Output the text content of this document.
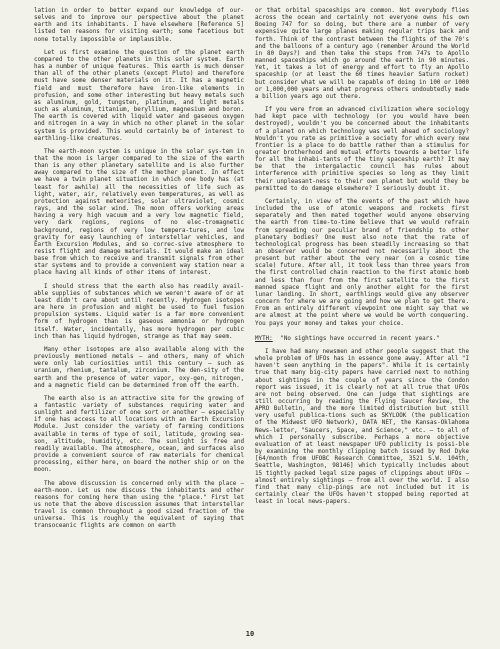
lation in order to better expand our knowledge of our-selves and to improve our perspective about the planet earth and its inhabitants. I have elsewhere [Reference 5] listed ten reasons for visiting earth; some facetious but none totally impossible or implausible.

Let us first examine the question of the planet earth compared to the other planets in this solar system. Earth has a number of unique features. This earth is much denser than all of the other planets (except Pluto) and therefore must have some denser materials on it. It has a magnetic field and must therefore have iron-like elements in profusion, and some other interesting but heavy metals such as aluminum, gold, tungsten, platinum, and light metals such as aluminum, titanium, beryllium, magnesium and boron. The earth is covered with liquid water and gaseous oxygen and nitrogen in a way in which no other planet in the solar system is provided. This would certainly be of interest to earthling-like creatures.

The earth-moon system is unique in the solar sys-tem in that the moon is larger compared to the size of the earth than is any other planetary satellite and is also further away compared to the size of the mother planet. In effect we have a twin planet situation in which one body has (at least for awhile) all the necessities of life such as light, water, air, relatively even temperatures, as well as protection against meteorites, solar ultraviolet, cosmic rays, and the solar wind. The moon offers working areas having a very high vacuum and a very low magnetic field, very dark regions, regions of no elec-tromagnetic background, regions of very low tempera-tures, and low gravity for easy launching of interstellar vehicles, and Earth Excursion Modules, and so correc-sive atmosphere to resist flight and damage materials. It would make an ideal base from which to receive and transmit signals from other star systems and to provide a convenient way station near a place having all kinds of other items of interest.

I should stress that the earth also has readily avail-able supplies of substances which we weren't aware of or at least didn't care about until recently. Hydrogen isotopes are here in profusion and might be used to fuel fusion propulsion systems. Liquid water is a far more convenient form of hydrogen than is gaseous ammonia or hydrogen itself. Water, incidentally, has more hydrogen per cubic inch than has liquid hydrogen, strange as that may seem.

Many other isotopes are also available along with the previously mentioned metals – and others, many of which were only lab curiosities until this century – such as uranium, rhenium, tantalum, zirconium. The den-sity of the earth and the presence of water vapor, oxy-gen, nitrogen, and a magnetic field can be determined from off the earth.

The earth also is an attractive site for the growing of a fantastic variety of substances requiring water and sunlight and fertilizer of one sort or another – especially if one has access to all locations with an Earth Excursion Module. Just consider the variety of farming conditions available in terms of type of soil, latitude, growing sea-son, altitude, humidity, etc. The sunlight is free and readily available. The atmosphere, ocean, and surfaces also provide a convenient source of raw materials for chemical processing, either here, on board the mother ship or on the moon.

The above discussion is concerned only with the place – earth-moon. Let us now discuss the inhabitants and other reasons for coming here than using the "place." First let us note that the above discussion assumes that interstellar travel is common throughout a good sized fraction of the universe. This is roughly the equivalent of saying that transoceanic flights are common on earth

or that orbital spaceships are common. Not everybody flies across the ocean and certainly not everyone owns his own Boeing 747 for so doing, but there are a number of very expensive quite large planes making regular trips back and forth. Think of the contrast between the flights of the 70's and the balloons of a century ago (remember Around the World in 80 Days?) and then take the steps from 747s to Apollo manned spaceships which go around the earth in 90 minutes. Yet, it takes a lot of energy and effort to fly an Apollo spaceship (or at least the 60 times heavier Saturn rocket) but consider what we will be capable of doing in 100 or 1000 or 1,000,000 years and what progress others undoubtedly made a billion years ago out there.

If you were from an advanced civilization where sociology had kept pace with technology (or you would have been destroyed), wouldn't you be concerned about the inhabitants of a planet on which technology was well ahead of sociology? Wouldn't you rate as primitive a society for which every new frontier is a place to do battle rather than a stimulus for greater brotherhood and mutual efforts towards a better life for all the inhabi-tants of the tiny spaceship earth? It may be that the intergalactic council has rules about interference with primitive species so long as they limit their unpleasant-ness to their own planet but would they be permitted to do damage elsewhere? I seriously doubt it.

Certainly, in view of the events of the past which have included the use of atomic weapons and rockets first separately and then mated together would anyone observing the earth from time-to-time believe that we would refrain from spreading our peculiar brand of friendship to other planetary bodies? One must also note that the rate of technological progress has been steadily increasing so that an observer would be concerned not necessarily about the present but rather about the very near (on a cosmic time scale) future. After all, it took less than three years from the first controlled chain reaction to the first atomic bomb and less than four from the first satellite to the first manned space flight and only another eight for the first lunar landing. In short, earthlings would give any observer concern for where we are going and how we plan to get there. From an entirely different viewpoint one might say that we are almost at the point where we would be worth conquering. You pays your money and takes your choice.

MYTH: "No sightings have occurred in recent years."

I have had many newsmen and other people suggest that the whole problem of UFOs has in essence gone away. After all "I haven't seen anything in the papers". While it is certainly true that many big-city papers have carried next to nothing about sightings in the couple of years since the Condon report was issued, it is clearly not at all true that UFOs are not being observed. One can judge that sightings are still occurring by reading the Flying Saucer Review, the APRO Bulletin, and the more limited distribution but still very useful publica-tions such as SKYLOOK (the publication of the Midwest UFO Network), DATA NET, the Kansas-Oklahoma News-letter, "Saucers, Space, and Science," etc. – to all of which I personally subscribe. Perhaps a more objective evaluation of at least newspaper UFO publicity is possi-ble by examining the monthly clipping batch issued by Rod Dyke [64/month from UFOBC Research Committee, 3521 S.W. 104th, Seattle, Washington, 98146] which typically includes about 15 tightly packed legal size pages of clippings about UFOs – almost entirely sightings – from all over the world. I also find that many clip-pings are not included but it is certainly clear the UFOs haven't stopped being reported at least in local news-papers.

10
